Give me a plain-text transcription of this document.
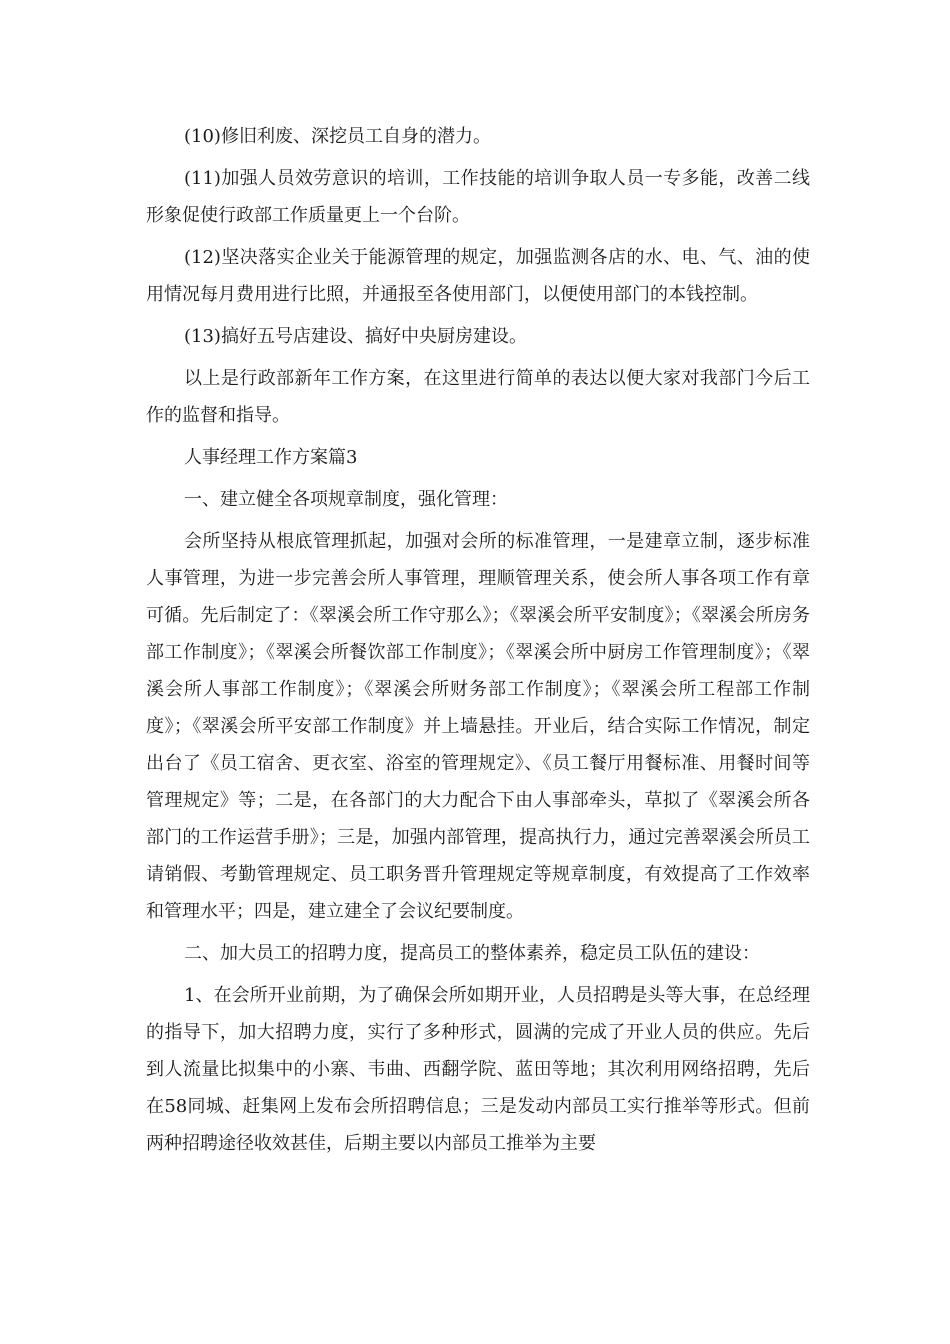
(10)修旧利废、深挖员工自身的潜力。

(11)加强人员效劳意识的培训，工作技能的培训争取人员一专多能，改善二线形象促使行政部工作质量更上一个台阶。

(12)坚决落实企业关于能源管理的规定，加强监测各店的水、电、气、油的使用情况每月费用进行比照，并通报至各使用部门，以便使用部门的本钱控制。

(13)搞好五号店建设、搞好中央厨房建设。

以上是行政部新年工作方案，在这里进行简单的表达以便大家对我部门今后工作的监督和指导。

人事经理工作方案篇3

一、建立健全各项规章制度，强化管理：

会所坚持从根底管理抓起，加强对会所的标准管理，一是建章立制，逐步标准人事管理，为进一步完善会所人事管理，理顺管理关系，使会所人事各项工作有章可循。先后制定了：《翠溪会所工作守那么》；《翠溪会所平安制度》；《翠溪会所房务部工作制度》；《翠溪会所餐饮部工作制度》；《翠溪会所中厨房工作管理制度》；《翠溪会所人事部工作制度》；《翠溪会所财务部工作制度》；《翠溪会所工程部工作制度》；《翠溪会所平安部工作制度》并上墙悬挂。开业后，结合实际工作情况，制定出台了《员工宿舍、更衣室、浴室的管理规定》、《员工餐厅用餐标准、用餐时间等管理规定》等；二是，在各部门的大力配合下由人事部牵头，草拟了《翠溪会所各部门的工作运营手册》；三是，加强内部管理，提高执行力，通过完善翠溪会所员工请销假、考勤管理规定、员工职务晋升管理规定等规章制度，有效提高了工作效率和管理水平；四是，建立建全了会议纪要制度。

二、加大员工的招聘力度，提高员工的整体素养，稳定员工队伍的建设：

1、在会所开业前期，为了确保会所如期开业，人员招聘是头等大事，在总经理的指导下，加大招聘力度，实行了多种形式，圆满的完成了开业人员的供应。先后到人流量比拟集中的小寨、韦曲、西翻学院、蓝田等地；其次利用网络招聘，先后在58同城、赶集网上发布会所招聘信息；三是发动内部员工实行推举等形式。但前两种招聘途径收效甚佳，后期主要以内部员工推举为主要
